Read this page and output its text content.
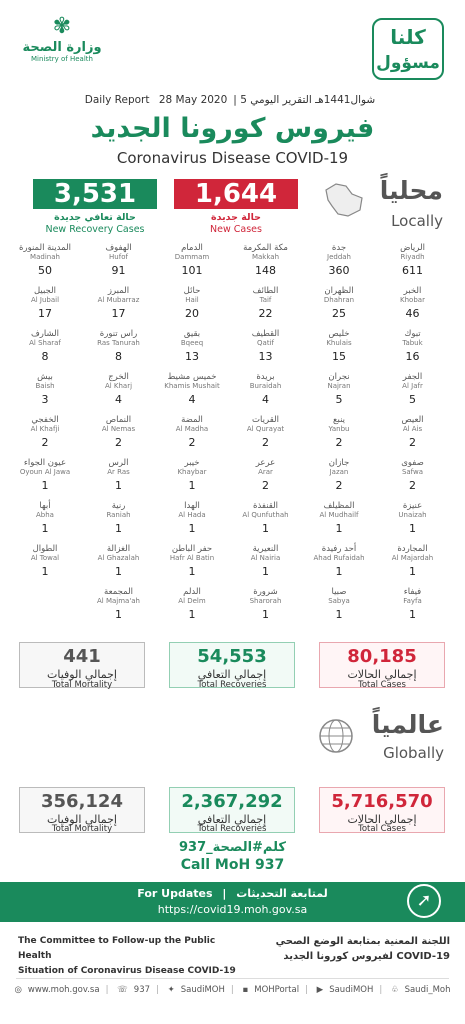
✾
وزارة الصحة
Ministry of Health
كلنا
مسؤول
Daily Report 28 May 2020 | 5 شوال1441هـ التقرير اليومي
فيروس كورونا الجديد
Coronavirus Disease COVID-19
3,531
حالة تعافي جديدة
New Recovery Cases
1,644
حالة جديدة
New Cases
محلياً
Locally
الرياض
Riyadh
611
جدة
Jeddah
360
مكة المكرمة
Makkah
148
الدمام
Dammam
101
الهفوف
Hufof
91
المدينة المنورة
Madinah
50
الخبر
Khobar
46
الظهران
Dhahran
25
الطائف
Taif
22
حائل
Hail
20
المبرز
Al Mubarraz
17
الجبيل
Al Jubail
17
تبوك
Tabuk
16
خليص
Khulais
15
القطيف
Qatif
13
بقيق
Bqeeq
13
راس تنورة
Ras Tanurah
8
الشارف
Al Sharaf
8
الجفر
Al Jafr
5
نجران
Najran
5
بريدة
Buraidah
4
خميس مشيط
Khamis Mushait
4
الخرج
Al Kharj
4
بيش
Baish
3
العيص
Al Ais
2
ينبع
Yanbu
2
القريات
Al Qurayat
2
المضة
Al Madha
2
النماص
Al Nemas
2
الخفجي
Al Khafji
2
صفوى
Safwa
2
جازان
Jazan
2
عرعر
Arar
2
خيبر
Khaybar
1
الرس
Ar Ras
1
عيون الجواء
Oyoun Al Jawa
1
عنيزة
Unaizah
1
المظيلف
Al Mudhailf
1
القنفذة
Al Qunfuthah
1
الهدا
Al Hada
1
رنية
Raniah
1
أبها
Abha
1
المجاردة
Al Majardah
1
أحد رفيدة
Ahad Rufaidah
1
النعيرية
Al Nairia
1
حفر الباطن
Hafr Al Batin
1
الغزالة
Al Ghazalah
1
الطوال
Al Towal
1
فيفاء
Fayfa
1
صبيا
Sabya
1
شرورة
Sharorah
1
الدلم
Al Delm
1
المجمعة
Al Majma'ah
1
441
إجمالي الوفيات
Total Mortality
54,553
إجمالي التعافي
Total Recoveries
80,185
إجمالي الحالات
Total Cases
عالمياً
Globally
356,124
إجمالي الوفيات
Total Mortality
2,367,292
إجمالي التعافي
Total Recoveries
5,716,570
إجمالي الحالات
Total Cases
كلم#الصحة_937
Call MoH 937
For Updates | لمتابعة التحديثات
https://covid19.moh.gov.sa	➚
The Committee to Follow-up the Public Health
Situation of Coronavirus Disease COVID-19
اللجنة المعنية بمتابعة الوضع الصحي
لفيروس كورونا الجديد COVID-19
◎ www.moh.gov.sa | ☏ 937 | ✦ SaudiMOH | ▪ MOHPortal | ▶ SaudiMOH | ♧ Saudi_Moh
